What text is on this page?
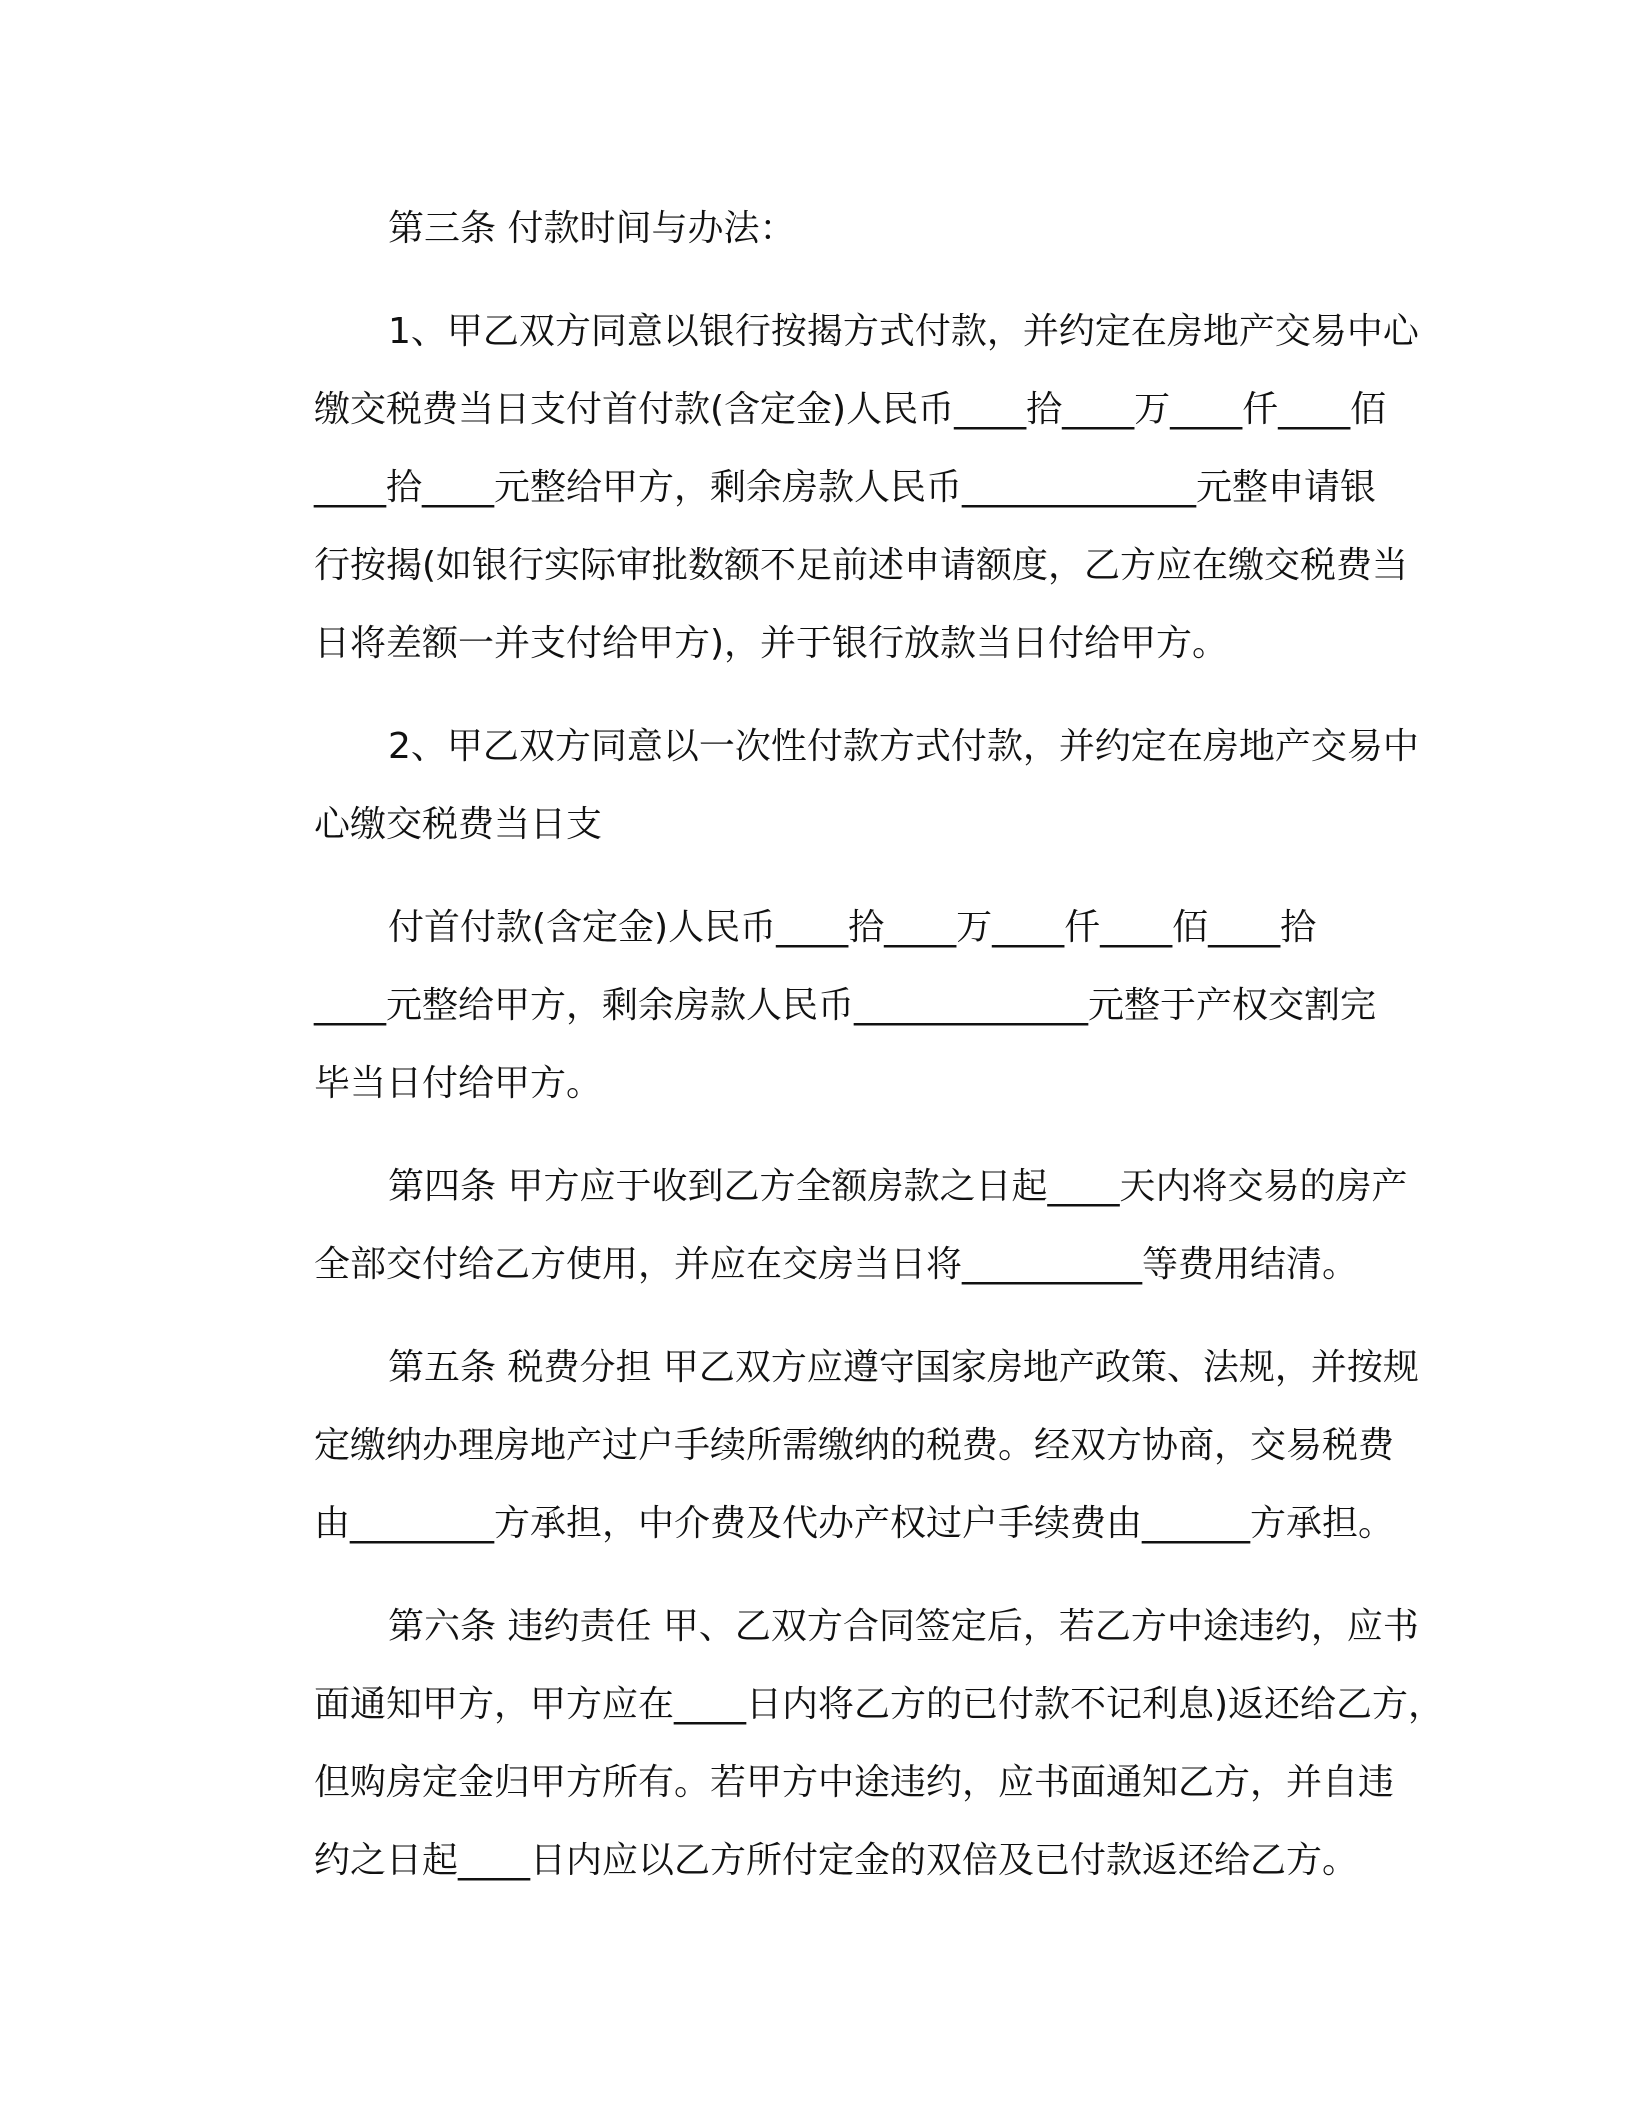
第三条 付款时间与办法：
1、甲乙双方同意以银行按揭方式付款，并约定在房地产交易中心
缴交税费当日支付首付款(含定金)人民币____拾____万____仟____佰
____拾____元整给甲方，剩余房款人民币_____________元整申请银
行按揭(如银行实际审批数额不足前述申请额度，乙方应在缴交税费当
日将差额一并支付给甲方)，并于银行放款当日付给甲方。
2、甲乙双方同意以一次性付款方式付款，并约定在房地产交易中
心缴交税费当日支
付首付款(含定金)人民币____拾____万____仟____佰____拾
____元整给甲方，剩余房款人民币_____________元整于产权交割完
毕当日付给甲方。
第四条 甲方应于收到乙方全额房款之日起____天内将交易的房产
全部交付给乙方使用，并应在交房当日将__________等费用结清。
第五条 税费分担 甲乙双方应遵守国家房地产政策、法规，并按规
定缴纳办理房地产过户手续所需缴纳的税费。经双方协商，交易税费
由________方承担，中介费及代办产权过户手续费由______方承担。
第六条 违约责任 甲、乙双方合同签定后，若乙方中途违约，应书
面通知甲方，甲方应在____日内将乙方的已付款不记利息)返还给乙方，
但购房定金归甲方所有。若甲方中途违约，应书面通知乙方，并自违
约之日起____日内应以乙方所付定金的双倍及已付款返还给乙方。
